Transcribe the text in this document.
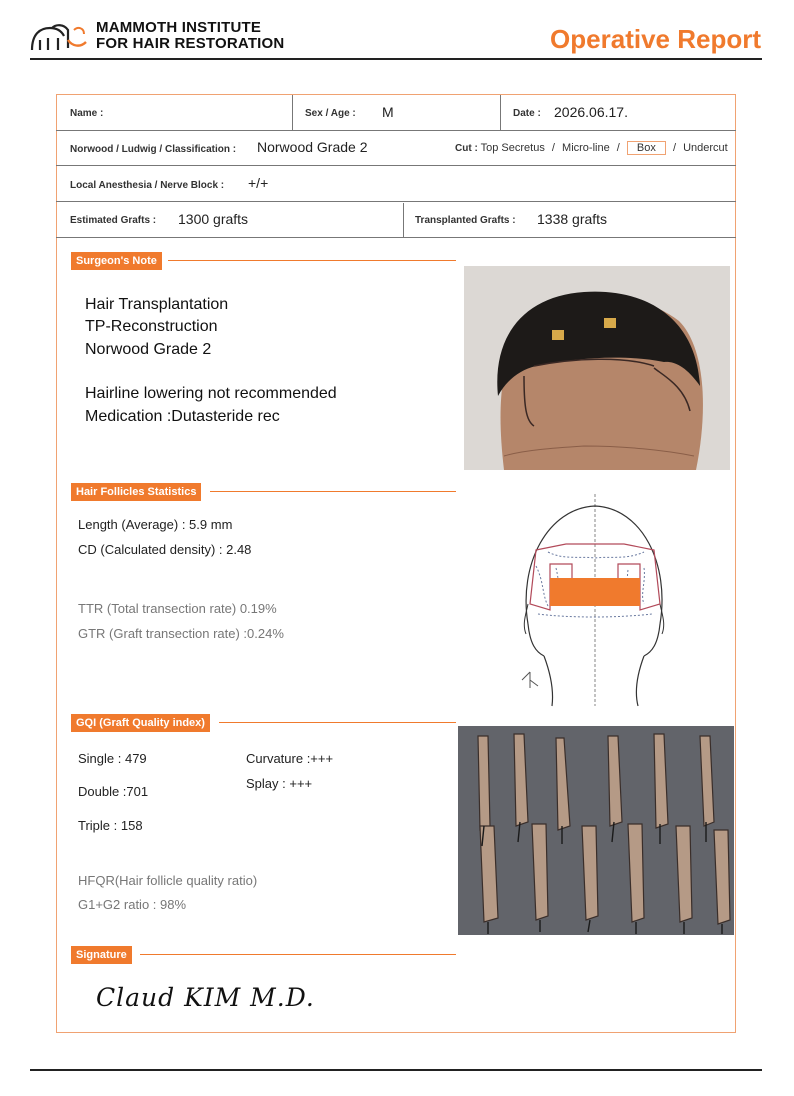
MAMMOTH INSTITUTE
FOR HAIR RESTORATION	Operative Report
Name :	Sex / Age : M	Date : 2026.06.17.
Norwood / Ludwig / Classification : Norwood Grade 2	Cut : Top Secretus / Micro-line / Box / Undercut
Local Anesthesia / Nerve Block : +/+
Estimated Grafts : 1300 grafts	Transplanted Grafts : 1338 grafts
Surgeon's Note
Hair Transplantation
TP-Reconstruction
Norwood Grade 2
Hairline lowering not recommended
Medication :Dutasteride rec
Hair Follicles Statistics
Length (Average) : 5.9 mm
CD (Calculated density) : 2.48
TTR (Total transection rate) 0.19%
GTR (Graft transection rate) :0.24%
GQI (Graft Quality index)
Single : 479
Double :701
Triple : 158
Curvature :+++
Splay : +++
HFQR(Hair follicle quality ratio)
G1+G2 ratio : 98%
Signature
Claud KIM M.D.
